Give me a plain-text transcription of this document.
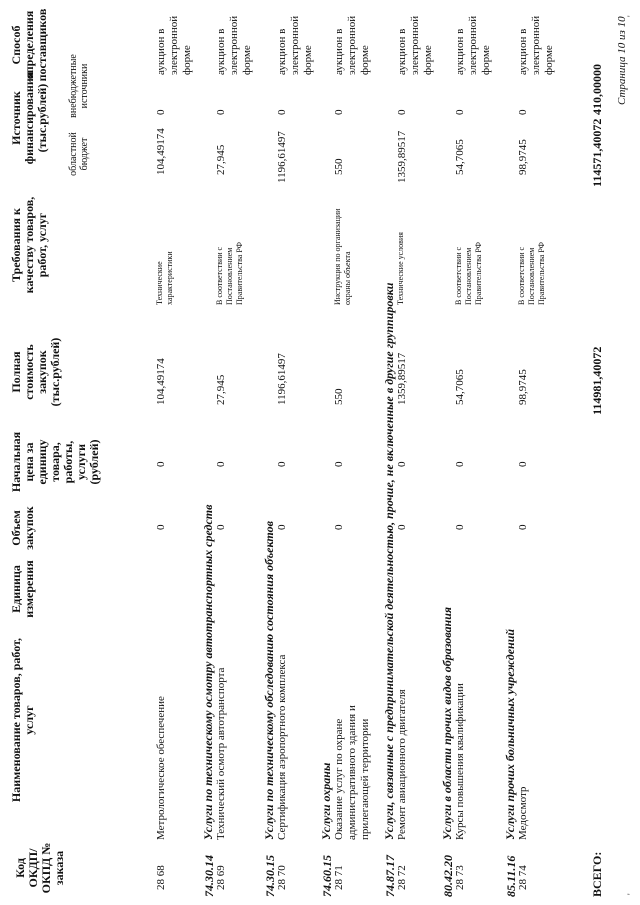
Код ОКДП/ ОКПД № заказа
Наименование товаров, работ, услуг
Единица измерения
Объем закупок
Начальная цена за единицу товара, работы, услуги (рублей)
Полная стоимость закупок (тыс.рублей)
Требования к качеству товаров, работ, услуг
Источник финансирования (тыс.рублей)
областной бюджет
внебюджетные источники
Способ определения поставщиков
28 68
Метрологическое обеспечение
0
0
104,49174
Технические характеристики
104,49174
0
аукцион в электронной форме
74.30.14
Услуги по техническому осмотру автотранспортных средств
28 69
Технический осмотр автотранспорта
0
0
27,945
В соответствии с Постановлением Правительства РФ
27,945
0
аукцион в электронной форме
74.30.15
Услуги по техническому обследованию состояния объектов
28 70
Сертификация аэропортного комплекса
0
0
1196,61497
1196,61497
0
аукцион в электронной форме
74.60.15
Услуги охраны
28 71
Оказание услуг по охране административного здания и прилегающей территории
0
0
550
Инструкция по организации охраны объекта
550
0
аукцион в электронной форме
74.87.17
Услуги, связанные с предпринимательской деятельностью, прочие, не включенные в другие группировки
28 72
Ремонт авиационного двигателя
0
0
1359,89517
Технические условия
1359,89517
0
аукцион в электронной форме
80.42.20
Услуги в области прочих видов образования
28 73
Курсы повышения квалификации
0
0
54,7065
В соответствии с Постановлением Правительства РФ
54,7065
0
аукцион в электронной форме
85.11.16
Услуги прочих больничных учреждений
28 74
Медосмотр
0
0
98,9745
В соответствии с Постановлением Правительства РФ
98,9745
0
аукцион в электронной форме
ВСЕГО:
114981,40072
114571,40072
410,00000 Страница 10 из 10
'
'
